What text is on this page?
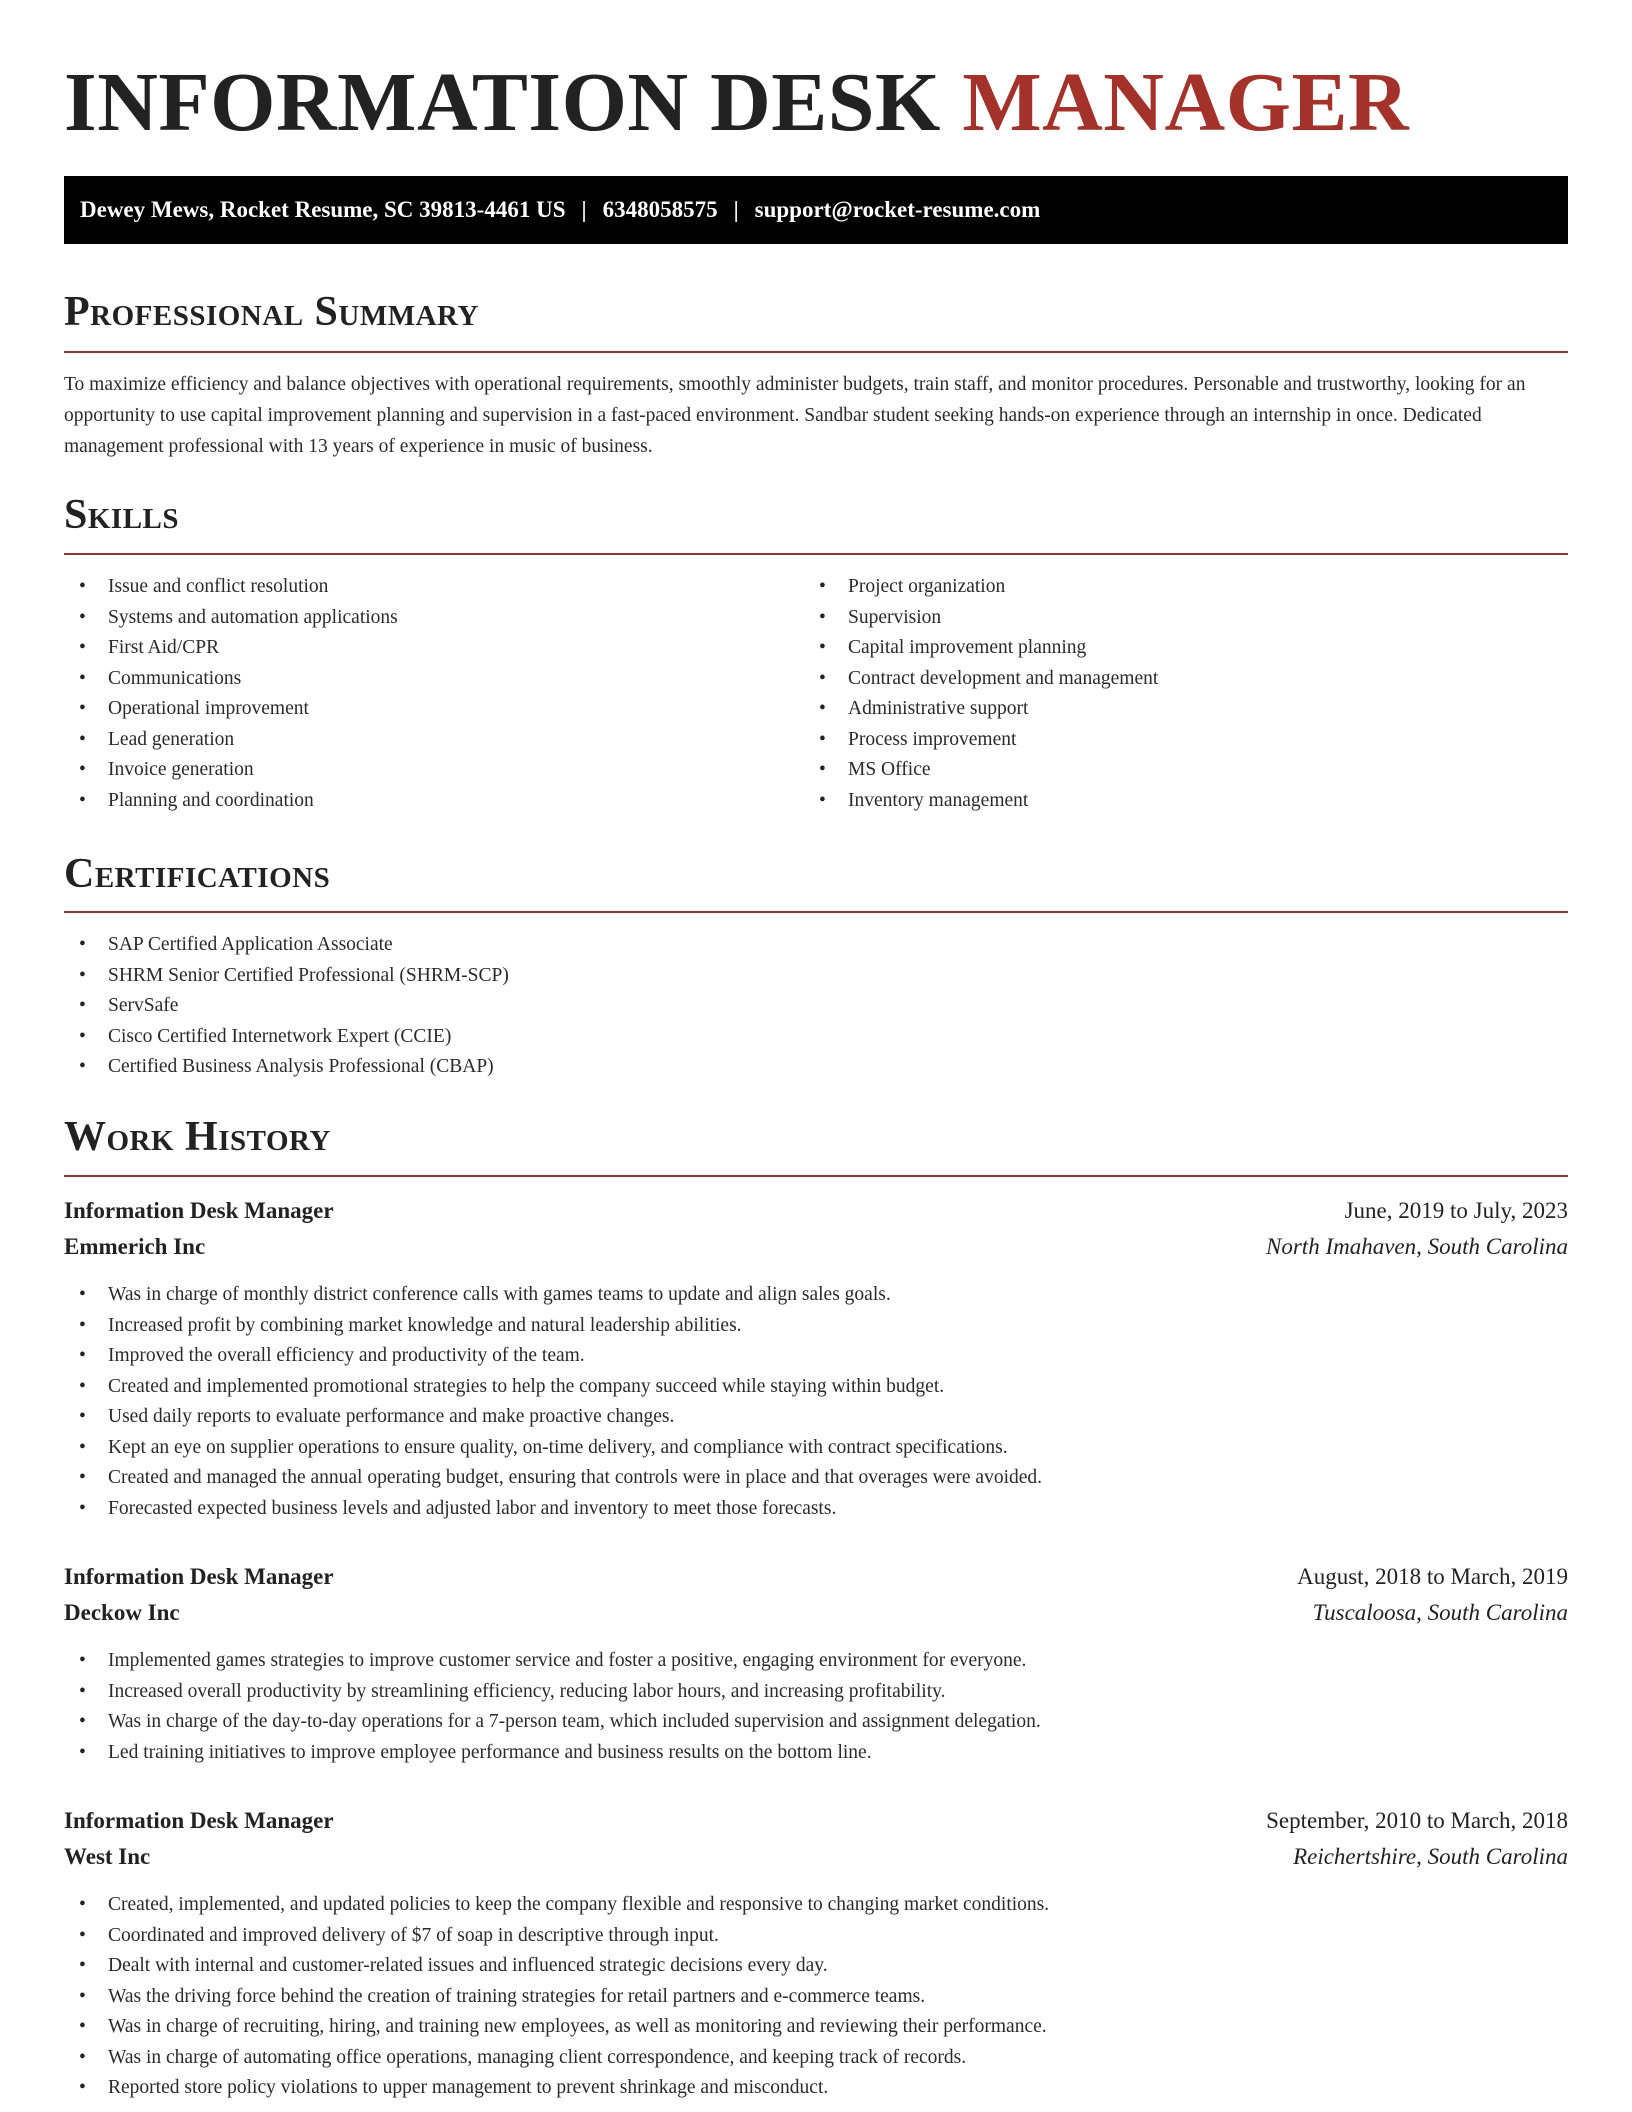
INFORMATION DESK MANAGER
Dewey Mews, Rocket Resume, SC 39813-4461 US | 6348058575 | support@rocket-resume.com
Professional Summary

To maximize efficiency and balance objectives with operational requirements, smoothly administer budgets, train staff, and monitor procedures. Personable and trustworthy, looking for an opportunity to use capital improvement planning and supervision in a fast-paced environment. Sandbar student seeking hands-on experience through an internship in once. Dedicated management professional with 13 years of experience in music of business.

Skills
• Issue and conflict resolution
• Systems and automation applications
• First Aid/CPR
• Communications
• Operational improvement
• Lead generation
• Invoice generation
• Planning and coordination
• Project organization
• Supervision
• Capital improvement planning
• Contract development and management
• Administrative support
• Process improvement
• MS Office
• Inventory management
Certifications
• SAP Certified Application Associate
• SHRM Senior Certified Professional (SHRM-SCP)
• ServSafe
• Cisco Certified Internetwork Expert (CCIE)
• Certified Business Analysis Professional (CBAP)
Work History
Information Desk Manager	June, 2019 to July, 2023
Emmerich Inc	North Imahaven, South Carolina
• Was in charge of monthly district conference calls with games teams to update and align sales goals.
• Increased profit by combining market knowledge and natural leadership abilities.
• Improved the overall efficiency and productivity of the team.
• Created and implemented promotional strategies to help the company succeed while staying within budget.
• Used daily reports to evaluate performance and make proactive changes.
• Kept an eye on supplier operations to ensure quality, on-time delivery, and compliance with contract specifications.
• Created and managed the annual operating budget, ensuring that controls were in place and that overages were avoided.
• Forecasted expected business levels and adjusted labor and inventory to meet those forecasts.
Information Desk Manager	August, 2018 to March, 2019
Deckow Inc	Tuscaloosa, South Carolina
• Implemented games strategies to improve customer service and foster a positive, engaging environment for everyone.
• Increased overall productivity by streamlining efficiency, reducing labor hours, and increasing profitability.
• Was in charge of the day-to-day operations for a 7-person team, which included supervision and assignment delegation.
• Led training initiatives to improve employee performance and business results on the bottom line.
Information Desk Manager	September, 2010 to March, 2018
West Inc	Reichertshire, South Carolina
• Created, implemented, and updated policies to keep the company flexible and responsive to changing market conditions.
• Coordinated and improved delivery of $7 of soap in descriptive through input.
• Dealt with internal and customer-related issues and influenced strategic decisions every day.
• Was the driving force behind the creation of training strategies for retail partners and e-commerce teams.
• Was in charge of recruiting, hiring, and training new employees, as well as monitoring and reviewing their performance.
• Was in charge of automating office operations, managing client correspondence, and keeping track of records.
• Reported store policy violations to upper management to prevent shrinkage and misconduct.
